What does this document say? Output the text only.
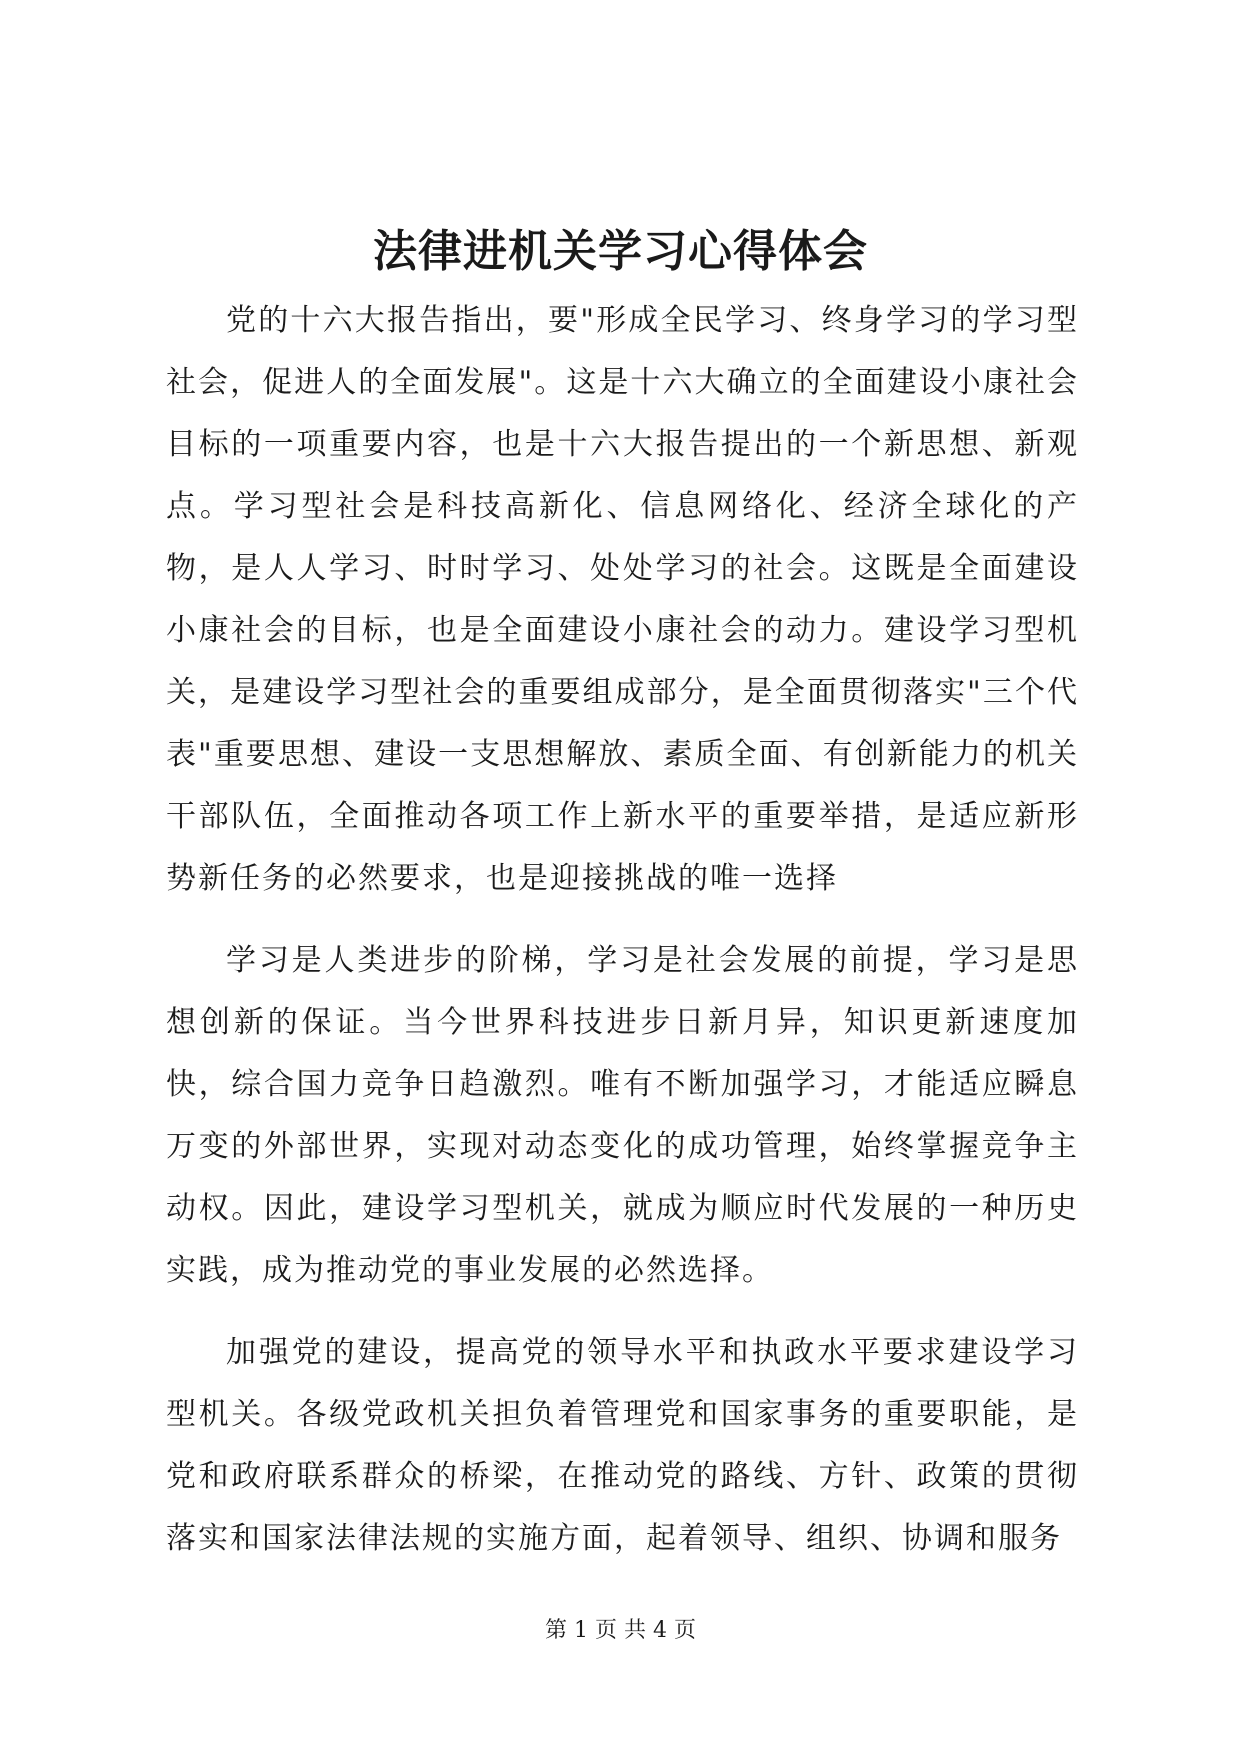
法律进机关学习心得体会

党的十六大报告指出，要"形成全民学习、终身学习的学习型社会，促进人的全面发展"。这是十六大确立的全面建设小康社会目标的一项重要内容，也是十六大报告提出的一个新思想、新观点。学习型社会是科技高新化、信息网络化、经济全球化的产物，是人人学习、时时学习、处处学习的社会。这既是全面建设小康社会的目标，也是全面建设小康社会的动力。建设学习型机关，是建设学习型社会的重要组成部分，是全面贯彻落实"三个代表"重要思想、建设一支思想解放、素质全面、有创新能力的机关干部队伍，全面推动各项工作上新水平的重要举措，是适应新形势新任务的必然要求，也是迎接挑战的唯一选择

学习是人类进步的阶梯，学习是社会发展的前提，学习是思想创新的保证。当今世界科技进步日新月异，知识更新速度加快，综合国力竞争日趋激烈。唯有不断加强学习，才能适应瞬息万变的外部世界，实现对动态变化的成功管理，始终掌握竞争主动权。因此，建设学习型机关，就成为顺应时代发展的一种历史实践，成为推动党的事业发展的必然选择。

加强党的建设，提高党的领导水平和执政水平要求建设学习型机关。各级党政机关担负着管理党和国家事务的重要职能，是党和政府联系群众的桥梁，在推动党的路线、方针、政策的贯彻落实和国家法律法规的实施方面，起着领导、组织、协调和服务

第 1 页 共 4 页
